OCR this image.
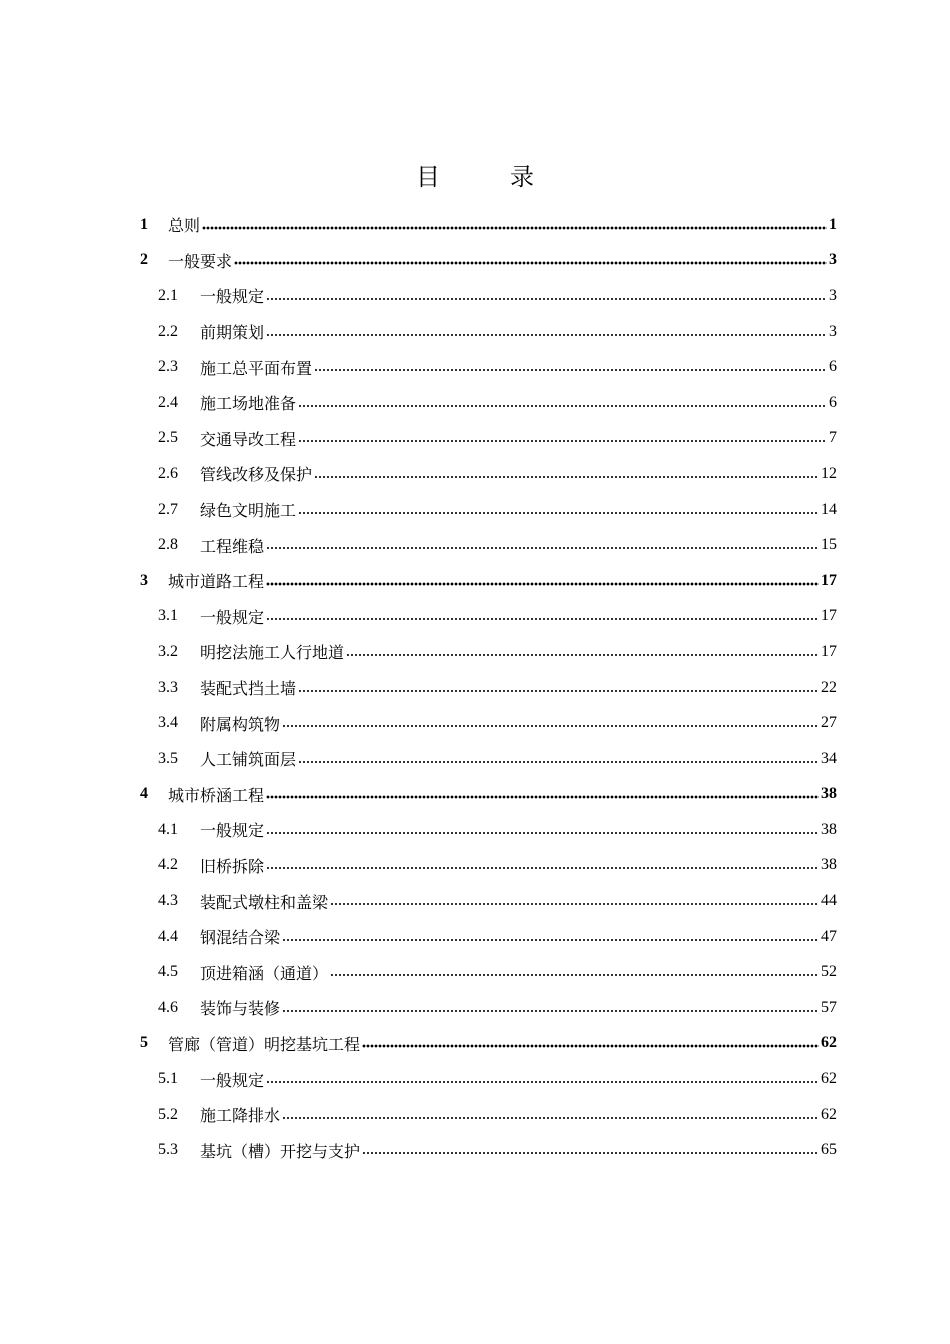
目	录
1	总则	1
2	一般要求	3
2.1	一般规定	3
2.2	前期策划	3
2.3	施工总平面布置	6
2.4	施工场地准备	6
2.5	交通导改工程	7
2.6	管线改移及保护	12
2.7	绿色文明施工	14
2.8	工程维稳	15
3	城市道路工程	17
3.1	一般规定	17
3.2	明挖法施工人行地道	17
3.3	装配式挡土墙	22
3.4	附属构筑物	27
3.5	人工铺筑面层	34
4	城市桥涵工程	38
4.1	一般规定	38
4.2	旧桥拆除	38
4.3	装配式墩柱和盖梁	44
4.4	钢混结合梁	47
4.5	顶进箱涵（通道）	52
4.6	装饰与装修	57
5	管廊（管道）明挖基坑工程	62
5.1	一般规定	62
5.2	施工降排水	62
5.3	基坑（槽）开挖与支护	65
